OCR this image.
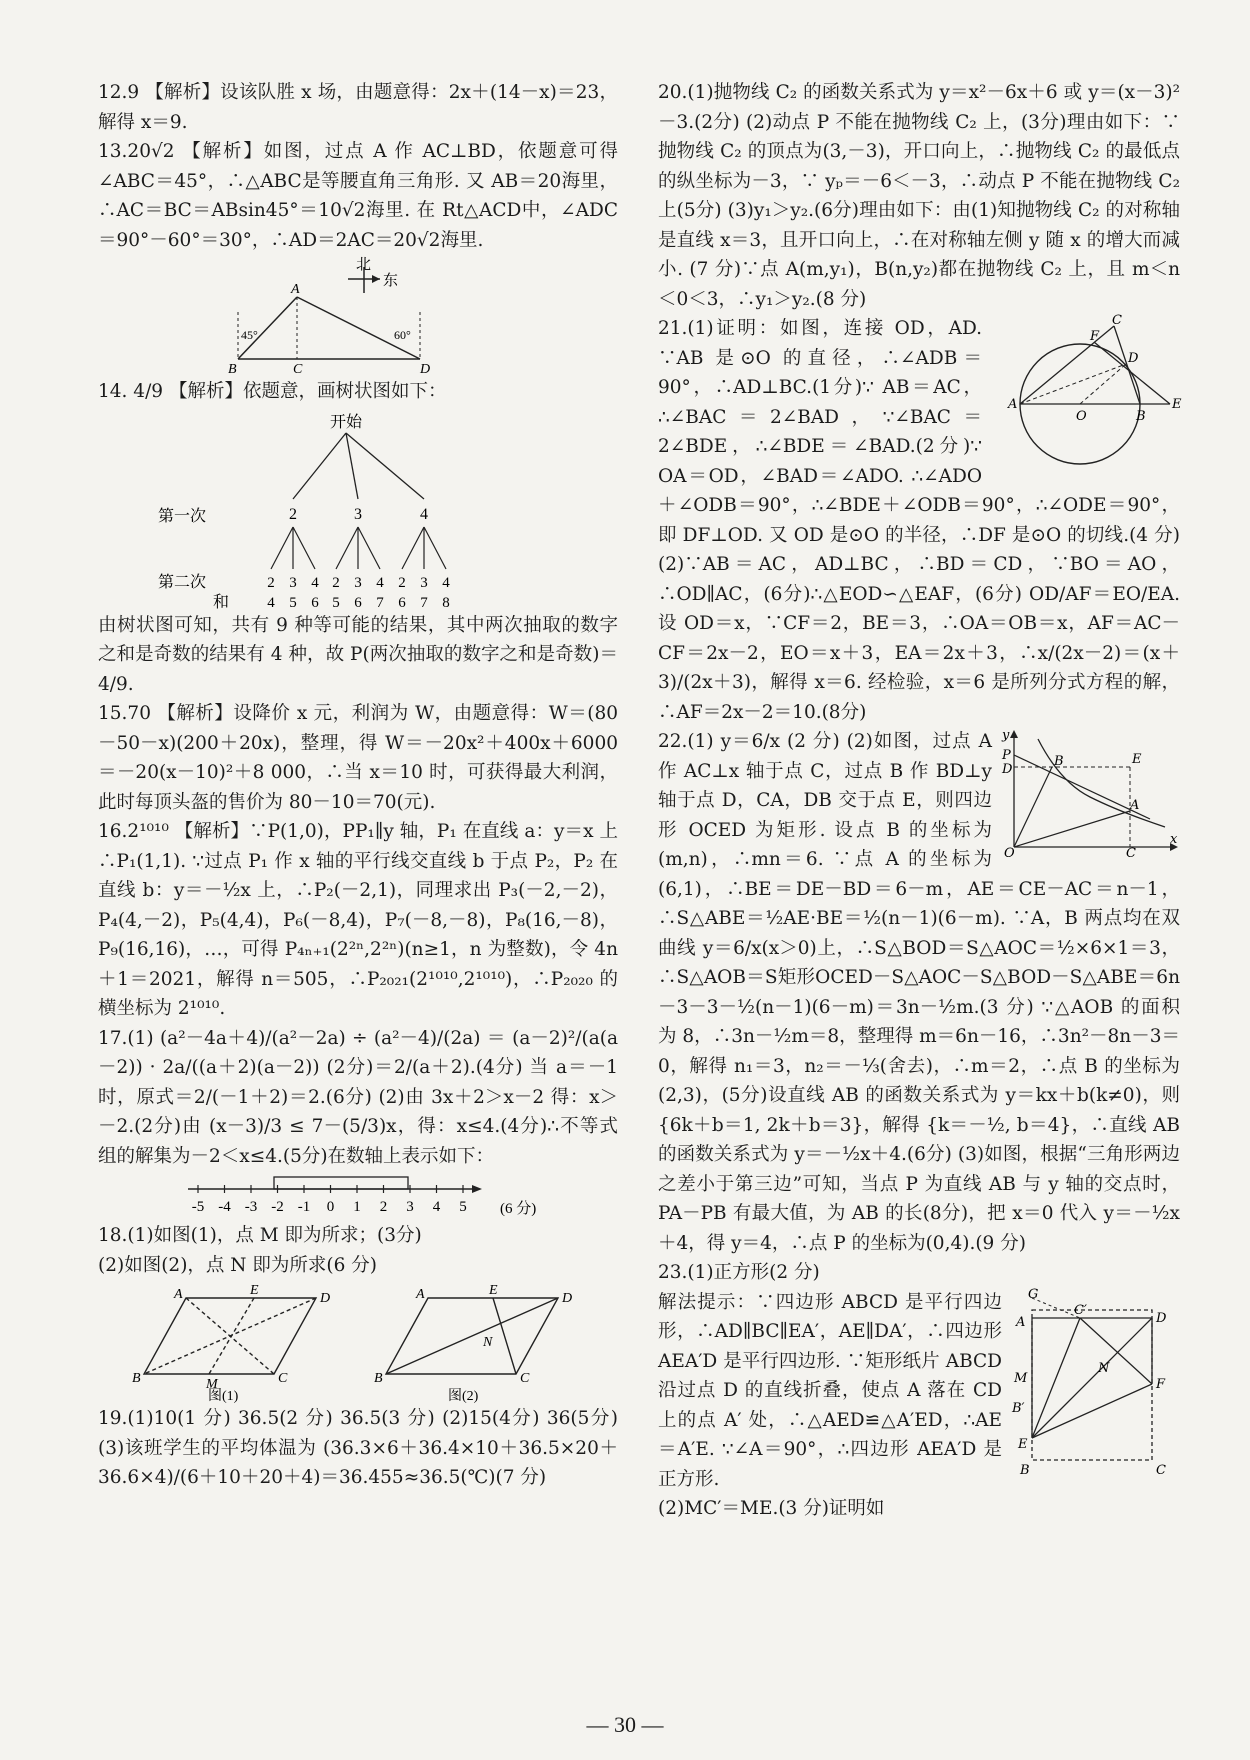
12.9 【解析】设该队胜 x 场，由题意得：2x＋(14－x)＝23，解得 x＝9.

13.20√2 【解析】如图，过点 A 作 AC⊥BD，依题意可得∠ABC＝45°，∴△ABC是等腰直角三角形. 又 AB＝20海里，∴AC＝BC＝ABsin45°＝10√2海里. 在 Rt△ACD中，∠ADC＝90°－60°＝30°，∴AD＝2AC＝20√2海里.

北
东
A
B	C	D
45°	60°

14. 4/9 【解析】依题意，画树状图如下：

开始
第一次	2	3	4
第二次	2 3 4 2 3 4 2 3 4
和	4 5 6 5 6 7 6 7 8

由树状图可知，共有 9 种等可能的结果，其中两次抽取的数字之和是奇数的结果有 4 种，故 P(两次抽取的数字之和是奇数)＝4/9.

15.70 【解析】设降价 x 元，利润为 W，由题意得：W＝(80－50－x)(200＋20x)，整理，得 W＝－20x²＋400x＋6000＝－20(x－10)²＋8 000，∴当 x＝10 时，可获得最大利润，此时每顶头盔的售价为 80－10＝70(元).

16.2¹⁰¹⁰ 【解析】∵P(1,0)，PP₁∥y 轴，P₁ 在直线 a：y＝x 上∴P₁(1,1). ∵过点 P₁ 作 x 轴的平行线交直线 b 于点 P₂，P₂ 在直线 b：y＝－½x 上，∴P₂(－2,1)，同理求出 P₃(－2,－2)，P₄(4,－2)，P₅(4,4)，P₆(－8,4)，P₇(－8,－8)，P₈(16,－8)，P₉(16,16)，…，可得 P₄ₙ₊₁(2²ⁿ,2²ⁿ)(n≥1，n 为整数)，令 4n＋1＝2021，解得 n＝505，∴P₂₀₂₁(2¹⁰¹⁰,2¹⁰¹⁰)，∴P₂₀₂₀ 的横坐标为 2¹⁰¹⁰.

17.(1) (a²－4a＋4)/(a²－2a) ÷ (a²－4)/(2a) ＝ (a－2)²/(a(a－2)) · 2a/((a＋2)(a－2)) (2分)＝2/(a＋2).(4分) 当 a＝－1 时，原式＝2/(－1＋2)＝2.(6分) (2)由 3x＋2＞x－2 得：x＞－2.(2分)由 (x－3)/3 ≤ 7－(5/3)x，得：x≤4.(4分)∴不等式组的解集为－2＜x≤4.(5分)在数轴上表示如下：

-5 -4 -3 -2 -1 0 1 2 3 4 5 (6 分)

18.(1)如图(1)，点 M 即为所求；(3分)

(2)如图(2)，点 N 即为所求(6 分)

A	E
D
B	M	C
图(1)
A	E
D
B
N
C
图(2)

19.(1)10(1 分) 36.5(2 分) 36.5(3 分) (2)15(4分) 36(5分) (3)该班学生的平均体温为 (36.3×6＋36.4×10＋36.5×20＋36.6×4)/(6＋10＋20＋4)＝36.455≈36.5(℃)(7 分)

20.(1)抛物线 C₂ 的函数关系式为 y＝x²－6x＋6 或 y＝(x－3)²－3.(2分) (2)动点 P 不能在抛物线 C₂ 上，(3分)理由如下：∵抛物线 C₂ 的顶点为(3,－3)，开口向上，∴抛物线 C₂ 的最低点的纵坐标为－3，∵ yₚ＝－6＜－3，∴动点 P 不能在抛物线 C₂ 上(5分) (3)y₁＞y₂.(6分)理由如下：由(1)知抛物线 C₂ 的对称轴是直线 x＝3，且开口向上，∴在对称轴左侧 y 随 x 的增大而减小. (7 分)∵点 A(m,y₁)，B(n,y₂)都在抛物线 C₂ 上，且 m＜n＜0＜3，∴y₁＞y₂.(8 分)

A
B
C
D
E
F
O

21.(1)证明：如图，连接 OD，AD. ∵AB 是⊙O 的直径，∴∠ADB＝90°，∴AD⊥BC.(1分)∵ AB＝AC，∴∠BAC＝2∠BAD，∵∠BAC＝2∠BDE，∴∠BDE＝∠BAD.(2分)∵ OA＝OD，∠BAD＝∠ADO. ∴∠ADO＋∠ODB＝90°，∴∠BDE＋∠ODB＝90°，∴∠ODE＝90°，即 DF⊥OD. 又 OD 是⊙O 的半径，∴DF 是⊙O 的切线.(4 分) (2)∵AB＝AC，AD⊥BC，∴BD＝CD，∵BO＝AO，∴OD∥AC，(6分)∴△EOD∽△EAF，(6分) OD/AF＝EO/EA. 设 OD＝x，∵CF＝2，BE＝3，∴OA＝OB＝x，AF＝AC－CF＝2x－2，EO＝x＋3，EA＝2x＋3，∴x/(2x－2)＝(x＋3)/(2x＋3)，解得 x＝6. 经检验，x＝6 是所列分式方程的解，∴AF＝2x－2＝10.(8分)

y
x
P
D
B	E
A
O	C

22.(1) y＝6/x (2 分) (2)如图，过点 A 作 AC⊥x 轴于点 C，过点 B 作 BD⊥y 轴于点 D，CA，DB 交于点 E，则四边形 OCED 为矩形. 设点 B 的坐标为(m,n)，∴mn＝6. ∵点 A 的坐标为(6,1)，∴BE＝DE－BD＝6－m，AE＝CE－AC＝n－1，∴S△ABE＝½AE·BE＝½(n－1)(6－m). ∵A，B 两点均在双曲线 y＝6/x(x＞0)上，∴S△BOD＝S△AOC＝½×6×1＝3，∴S△AOB＝S矩形OCED－S△AOC－S△BOD－S△ABE＝6n－3－3－½(n－1)(6－m)＝3n－½m.(3 分) ∵△AOB 的面积为 8，∴3n－½m＝8，整理得 m＝6n－16，∴3n²－8n－3＝0，解得 n₁＝3，n₂＝－⅓(舍去)，∴m＝2，∴点 B 的坐标为(2,3)，(5分)设直线 AB 的函数关系式为 y＝kx＋b(k≠0)，则 {6k＋b＝1, 2k＋b＝3}，解得 {k＝－½, b＝4}，∴直线 AB 的函数关系式为 y＝－½x＋4.(6分) (3)如图，根据“三角形两边之差小于第三边”可知，当点 P 为直线 AB 与 y 轴的交点时，PA－PB 有最大值，为 AB 的长(8分)，把 x＝0 代入 y＝－½x＋4，得 y＝4，∴点 P 的坐标为(0,4).(9 分)

23.(1)正方形(2 分)

G
A
C′
D
M
N
F
B′
E
B	C

解法提示：∵四边形 ABCD 是平行四边形，∴AD∥BC∥EA′，AE∥DA′，∴四边形 AEA′D 是平行四边形. ∵矩形纸片 ABCD 沿过点 D 的直线折叠，使点 A 落在 CD 上的点 A′ 处，∴△AED≌△A′ED，∴AE＝A′E. ∵∠A＝90°，∴四边形 AEA′D 是正方形.

(2)MC′＝ME.(3 分)证明如

— 30 —
